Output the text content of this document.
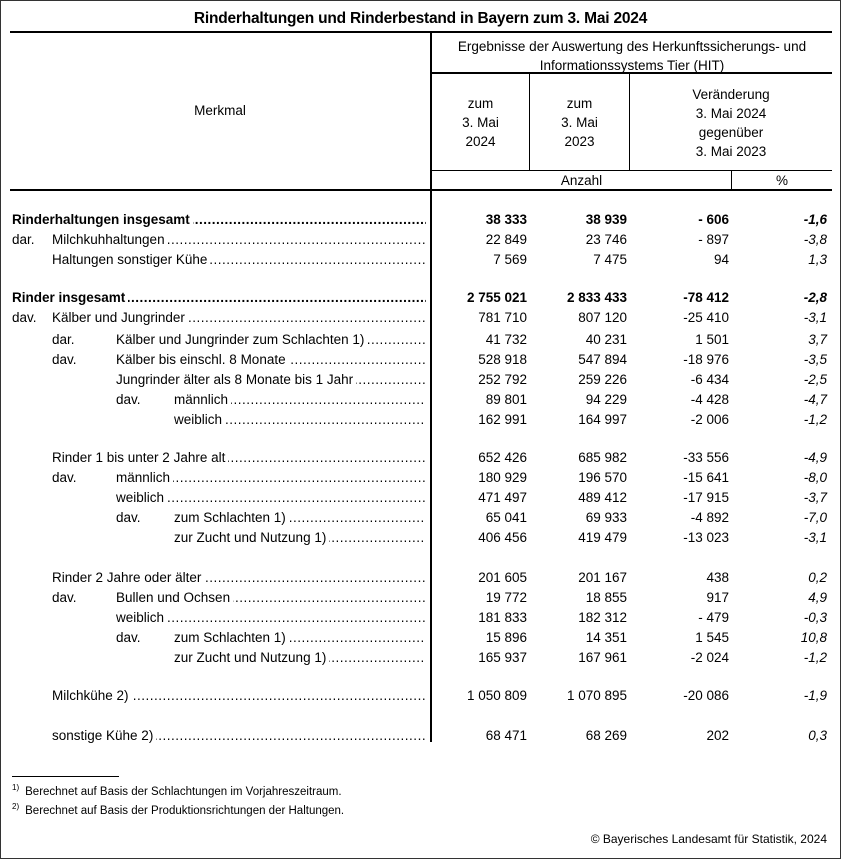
Rinderhaltungen und Rinderbestand in Bayern zum 3. Mai 2024
Merkmal
Ergebnisse der Auswertung des Herkunftssicherungs- und
Informationssystems Tier (HIT)
zum
3. Mai
2024
zum
3. Mai
2023
Veränderung
3. Mai 2024
gegenüber
3. Mai 2023
Anzahl	%
Rinderhaltungen insgesamt .....	38 333	38 939	- 606	-1,6
dar. Milchkuhhaltungen .....	22 849	23 746	- 897	-3,8
Haltungen sonstiger Kühe .....	7 569	7 475	94	1,3
Rinder insgesamt .....	2 755 021	2 833 433	-78 412	-2,8
dav. Kälber und Jungrinder .....	781 710	807 120	-25 410	-3,1
dar.	Kälber und Jungrinder zum Schlachten 1) .....	41 732	40 231	1 501	3,7
dav.	Kälber bis einschl. 8 Monate .....	528 918	547 894	-18 976	-3,5
Jungrinder älter als 8 Monate bis 1 Jahr .....	252 792	259 226	-6 434	-2,5
dav. männlich .....	89 801	94 229	-4 428	-4,7
weiblich .....	162 991	164 997	-2 006	-1,2
Rinder 1 bis unter 2 Jahre alt .....	652 426	685 982	-33 556	-4,9
dav.	männlich .....	180 929	196 570	-15 641	-8,0
weiblich .....	471 497	489 412	-17 915	-3,7
dav. zum Schlachten 1) .....	65 041	69 933	-4 892	-7,0
zur Zucht und Nutzung 1) .....	406 456	419 479	-13 023	-3,1
Rinder 2 Jahre oder älter .....	201 605	201 167	438	0,2
dav.	Bullen und Ochsen .....	19 772	18 855	917	4,9
weiblich .....	181 833	182 312	- 479	-0,3
dav. zum Schlachten 1) .....	15 896	14 351	1 545	10,8
zur Zucht und Nutzung 1) .....	165 937	167 961	-2 024	-1,2
Milchkühe 2) .....	1 050 809	1 070 895	-20 086	-1,9
sonstige Kühe 2) .....	68 471	68 269	202	0,3
$^{1)}$ Berechnet auf Basis der Schlachtungen im Vorjahreszeitraum.
$^{2)}$ Berechnet auf Basis der Produktionsrichtungen der Haltungen.
© Bayerisches Landesamt für Statistik, 2024
